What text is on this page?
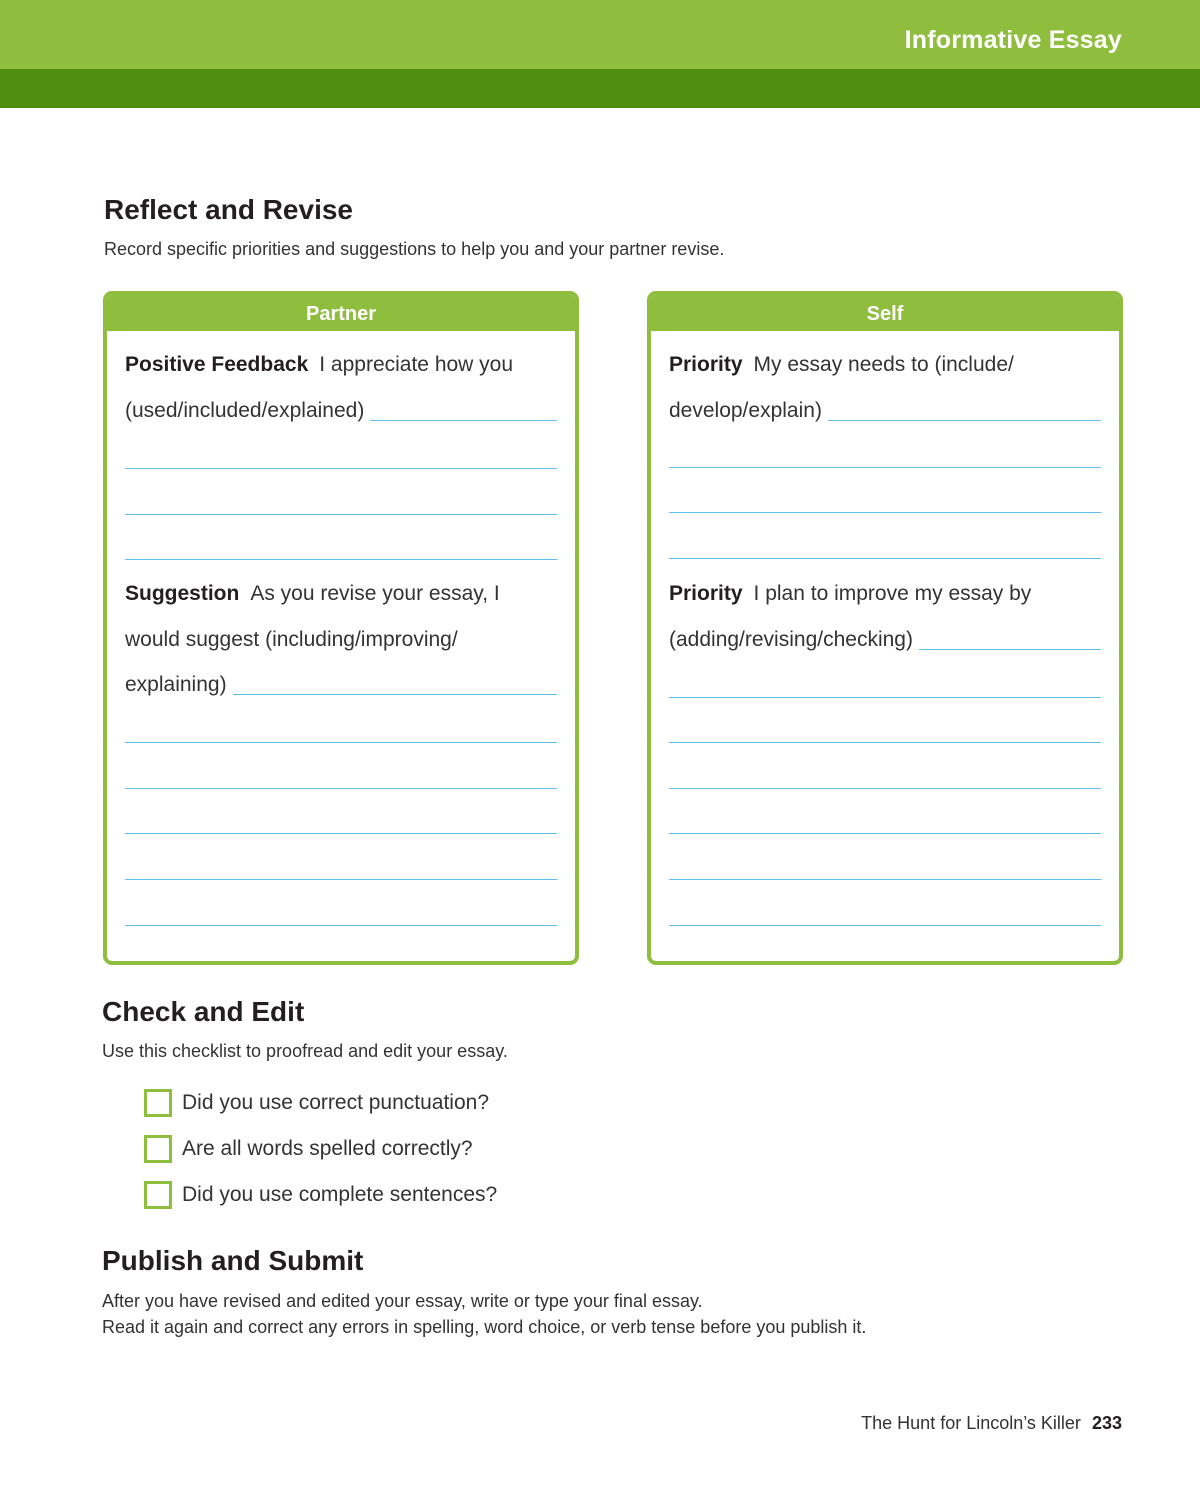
Informative Essay
Reflect and Revise

Record specific priorities and suggestions to help you and your partner revise.

Partner
Positive Feedback I appreciate how you
(used/included/explained)
Suggestion As you revise your essay, I
would suggest (including/improving/
explaining)
Self
Priority My essay needs to (include/
develop/explain)
Priority I plan to improve my essay by
(adding/revising/checking)
Check and Edit

Use this checklist to proofread and edit your essay.

Did you use correct punctuation?
Are all words spelled correctly?
Did you use complete sentences?
Publish and Submit

After you have revised and edited your essay, write or type your final essay.

Read it again and correct any errors in spelling, word choice, or verb tense before you publish it.

The Hunt for Lincoln’s Killer 233
